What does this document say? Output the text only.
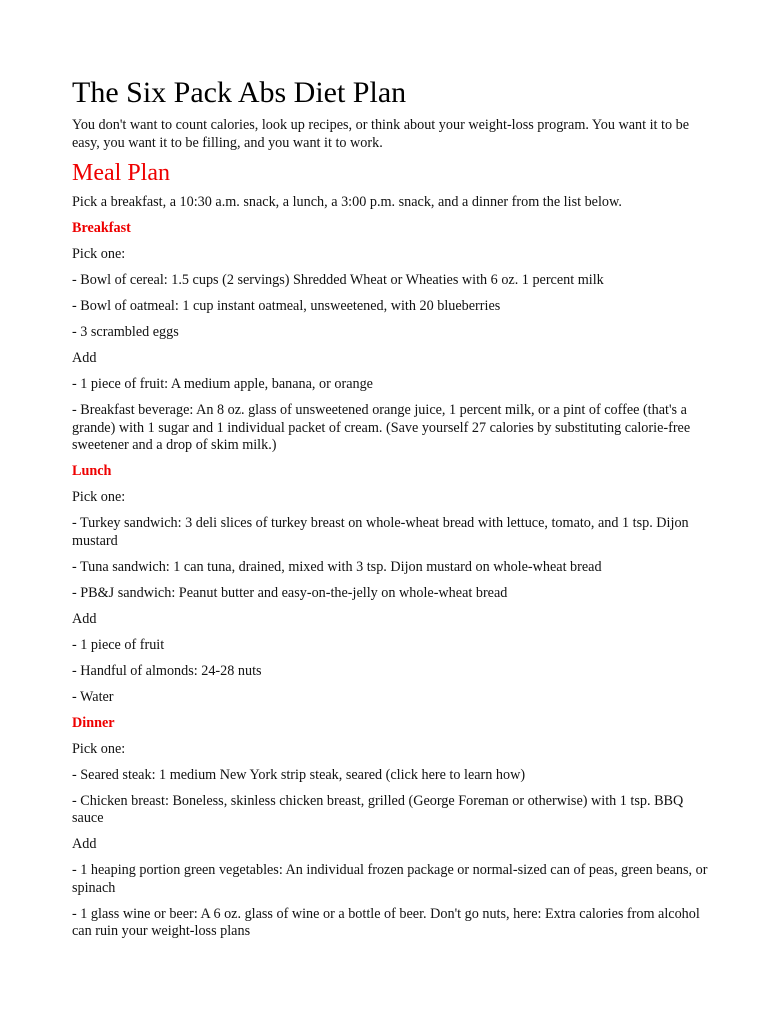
The Six Pack Abs Diet Plan

You don't want to count calories, look up recipes, or think about your weight-loss program. You want it to be easy, you want it to be filling, and you want it to work.

Meal Plan

Pick a breakfast, a 10:30 a.m. snack, a lunch, a 3:00 p.m. snack, and a dinner from the list below.

Breakfast

Pick one:

- Bowl of cereal: 1.5 cups (2 servings) Shredded Wheat or Wheaties with 6 oz. 1 percent milk

- Bowl of oatmeal: 1 cup instant oatmeal, unsweetened, with 20 blueberries

- 3 scrambled eggs

Add

- 1 piece of fruit: A medium apple, banana, or orange

- Breakfast beverage: An 8 oz. glass of unsweetened orange juice, 1 percent milk, or a pint of coffee (that's a grande) with 1 sugar and 1 individual packet of cream. (Save yourself 27 calories by substituting calorie-free sweetener and a drop of skim milk.)

Lunch

Pick one:

- Turkey sandwich: 3 deli slices of turkey breast on whole-wheat bread with lettuce, tomato, and 1 tsp. Dijon mustard

- Tuna sandwich: 1 can tuna, drained, mixed with 3 tsp. Dijon mustard on whole-wheat bread

- PB&J sandwich: Peanut butter and easy-on-the-jelly on whole-wheat bread

Add

- 1 piece of fruit

- Handful of almonds: 24-28 nuts

- Water

Dinner

Pick one:

- Seared steak: 1 medium New York strip steak, seared (click here to learn how)

- Chicken breast: Boneless, skinless chicken breast, grilled (George Foreman or otherwise) with 1 tsp. BBQ sauce

Add

- 1 heaping portion green vegetables: An individual frozen package or normal-sized can of peas, green beans, or spinach

- 1 glass wine or beer: A 6 oz. glass of wine or a bottle of beer. Don't go nuts, here: Extra calories from alcohol can ruin your weight-loss plans
